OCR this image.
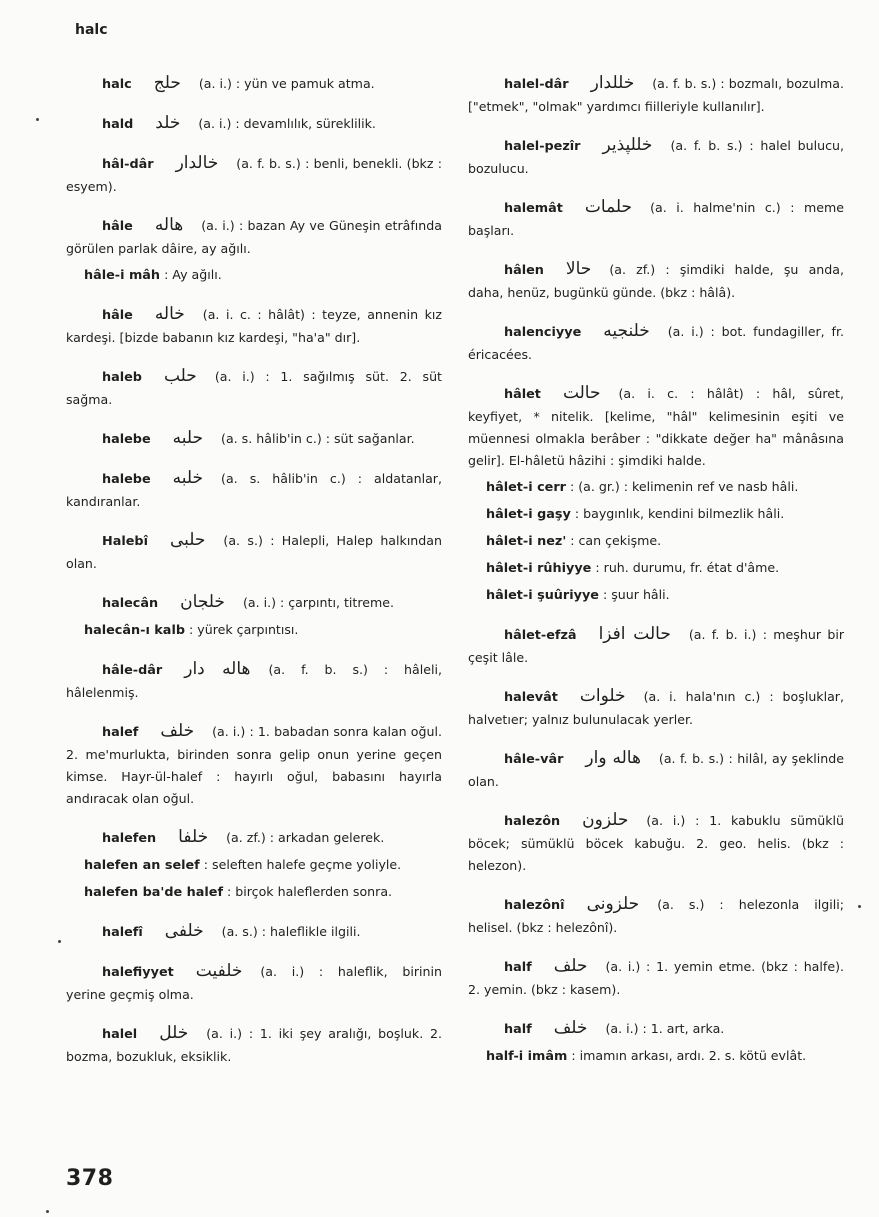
halc

halc حلج (a. i.) : yün ve pamuk atma.

hald خلد (a. i.) : devamlılık, süreklilik.

hâl-dâr خالدار (a. f. b. s.) : benli, benekli. (bkz : esyem).

hâle هاله (a. i.) : bazan Ay ve Güneşin etrâfında görülen parlak dâire, ay ağılı.

hâle-i mâh : Ay ağılı.

hâle خاله (a. i. c. : hâlât) : teyze, annenin kız kardeşi. [bizde babanın kız kardeşi, "ha'a" dır].

haleb حلب (a. i.) : 1. sağılmış süt. 2. süt sağma.

halebe حلبه (a. s. hâlib'in c.) : süt sağanlar.

halebe خلبه (a. s. hâlib'in c.) : aldatanlar, kandıranlar.

Halebî حلبى (a. s.) : Halepli, Halep halkından olan.

halecân خلجان (a. i.) : çarpıntı, titreme.

halecân-ı kalb : yürek çarpıntısı.

hâle-dâr هاله دار (a. f. b. s.) : hâleli, hâlelenmiş.

halef خلف (a. i.) : 1. babadan sonra kalan oğul. 2. me'murlukta, birinden sonra gelip onun yerine geçen kimse. Hayr-ül-halef : hayırlı oğul, babasını hayırla andıracak olan oğul.

halefen خلفا (a. zf.) : arkadan gelerek.

halefen an selef : seleften halefe geçme yoliyle.

halefen ba'de halef : birçok haleflerden sonra.

halefî خلفى (a. s.) : haleflikle ilgili.

halefiyyet خلفيت (a. i.) : haleflik, birinin yerine geçmiş olma.

halel خلل (a. i.) : 1. iki şey aralığı, boşluk. 2. bozma, bozukluk, eksiklik.

halel-dâr خللدار (a. f. b. s.) : bozmalı, bozulma. ["etmek", "olmak" yardımcı fiilleriyle kullanılır].

halel-pezîr خللپذير (a. f. b. s.) : halel bulucu, bozulucu.

halemât حلمات (a. i. halme'nin c.) : meme başları.

hâlen حالا (a. zf.) : şimdiki halde, şu anda, daha, henüz, bugünkü günde. (bkz : hâlâ).

halenciyye خلنجيه (a. i.) : bot. fundagiller, fr. éricacées.

hâlet حالت (a. i. c. : hâlât) : hâl, sûret, keyfiyet, * nitelik. [kelime, "hâl" kelimesinin eşiti ve müennesi olmakla berâber : "dikkate değer ha" mânâsına gelir]. El-hâletü hâzihi : şimdiki halde.

hâlet-i cerr : (a. gr.) : kelimenin ref ve nasb hâli.

hâlet-i gaşy : baygınlık, kendini bilmezlik hâli.

hâlet-i nez' : can çekişme.

hâlet-i rûhiyye : ruh. durumu, fr. état d'âme.

hâlet-i şuûriyye : şuur hâli.

hâlet-efzâ حالت افزا (a. f. b. i.) : meşhur bir çeşit lâle.

halevât خلوات (a. i. hala'nın c.) : boşluklar, halvetıer; yalnız bulunulacak yerler.

hâle-vâr هاله وار (a. f. b. s.) : hilâl, ay şeklinde olan.

halezôn حلزون (a. i.) : 1. kabuklu sümüklü böcek; sümüklü böcek kabuğu. 2. geo. helis. (bkz : helezon).

halezônî حلزونى (a. s.) : helezonla ilgili; helisel. (bkz : helezônî).

half حلف (a. i.) : 1. yemin etme. (bkz : halfe). 2. yemin. (bkz : kasem).

half خلف (a. i.) : 1. art, arka.

half-i imâm : imamın arkası, ardı. 2. s. kötü evlât.

378
